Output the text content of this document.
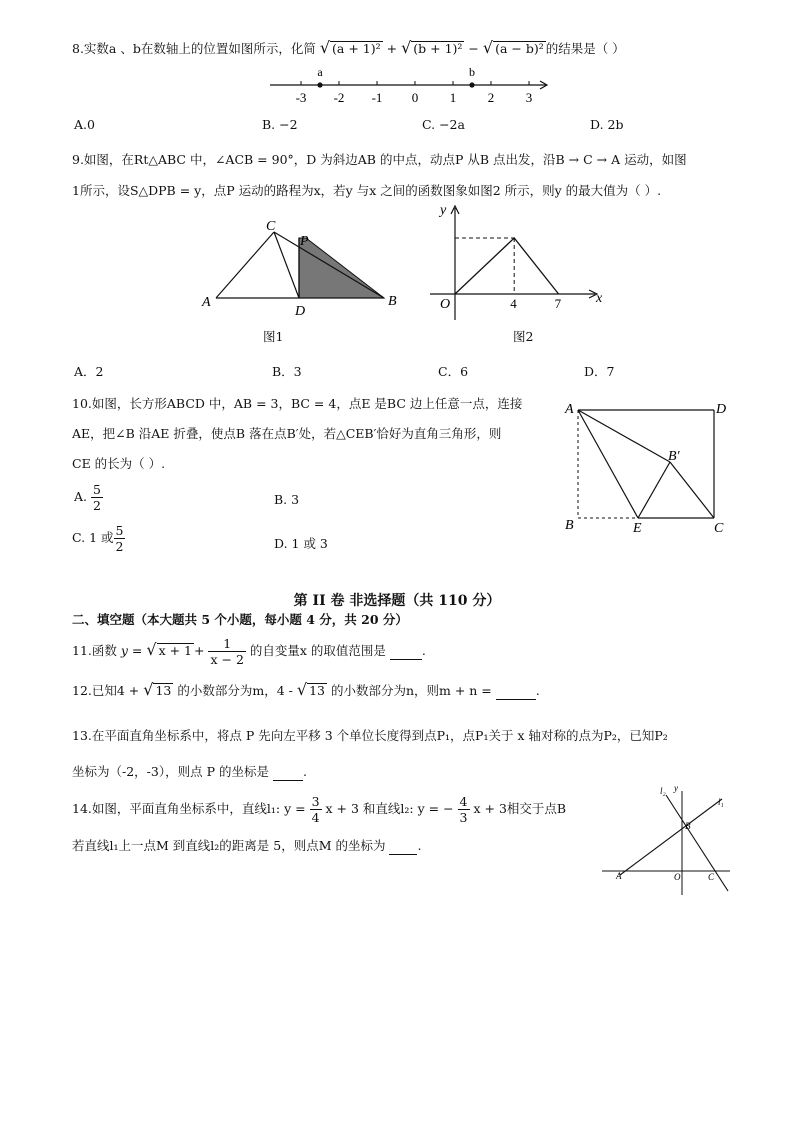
8.实数a 、b在数轴上的位置如图所示，化简 √ (a + 1)² + √ (b + 1)² − √ (a − b)² 的结果是（ ）
-3 -2 -1 0 1 2 3
a	b
A.0	B. −2	C. −2a	D. 2b
9.如图，在Rt△ABC 中，∠ACB = 90°，D 为斜边AB 的中点，动点P 从B 点出发，沿B → C → A 运动，如图
1所示，设S△DPB = y，点P 运动的路程为x，若y 与x 之间的函数图象如图2 所示，则y 的最大值为（ ）.
C
P
A
D
B
图1
y
x
O	4	7
图2
A．2	B．3	C．6	D．7
10.如图，长方形ABCD 中，AB = 3，BC = 4，点E 是BC 边上任意一点，连接
AE，把∠B 沿AE 折叠，使点B 落在点B′处，若△CEB′恰好为直角三角形，则
CE 的长为（ ）.
A. $\frac{5}{2}$	B. 3
C. 1 或 $\frac{5}{2}$	D. 1 或 3
A	D
B′
B	E	C
第 II 卷 非选择题（共 110 分）
二、填空题（本大题共 5 个小题，每小题 4 分，共 20 分）
11.函数 y = √ $x + 1 + \frac{1}{x - 2}$ 的自变量x 的取值范围是	.
12.已知4 + √ 13 的小数部分为m，4 - √ 13 的小数部分为n，则m + n =	.
13.在平面直角坐标系中，将点 P 先向左平移 3 个单位长度得到点P₁，点P₁关于 x 轴对称的点为P₂，已知P₂
坐标为（-2，-3），则点 P 的坐标是	.
14.如图，平面直角坐标系中，直线l₁: $y = \frac{3}{4}$ x + 3 和直线l₂: y = − $\frac{4}{3}$ x + 3相交于点B
若直线l₁上一点M 到直线l₂的距离是 5，则点M 的坐标为	.
l₂ y
l₁
B
A	O	C
